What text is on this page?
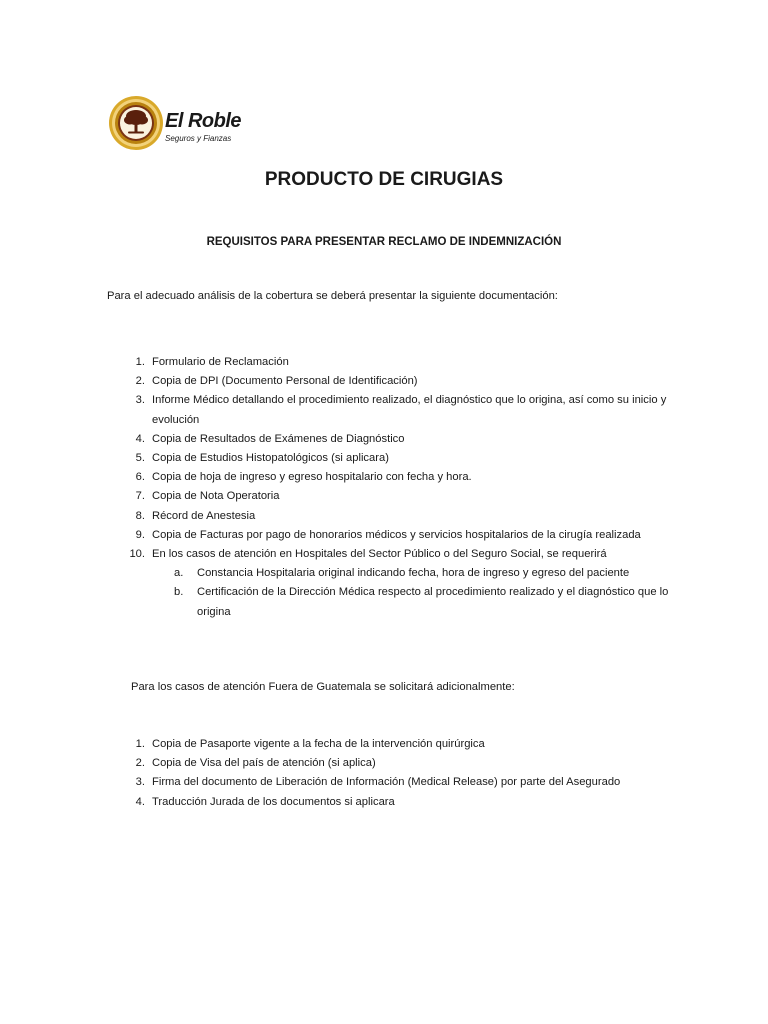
El Roble
Seguros y Fianzas
PRODUCTO DE CIRUGIAS
REQUISITOS PARA PRESENTAR RECLAMO DE INDEMNIZACIÓN
Para el adecuado análisis de la cobertura se deberá presentar la siguiente documentación:
1. Formulario de Reclamación
2. Copia de DPI (Documento Personal de Identificación)
3. Informe Médico detallando el procedimiento realizado, el diagnóstico que lo origina, así como su inicio y evolución
4. Copia de Resultados de Exámenes de Diagnóstico
5. Copia de Estudios Histopatológicos (si aplicara)
6. Copia de hoja de ingreso y egreso hospitalario con fecha y hora.
7. Copia de Nota Operatoria
8. Récord de Anestesia
9. Copia de Facturas por pago de honorarios médicos y servicios hospitalarios de la cirugía realizada
10. En los casos de atención en Hospitales del Sector Público o del Seguro Social, se requerirá
a. Constancia Hospitalaria original indicando fecha, hora de ingreso y egreso del paciente
b. Certificación de la Dirección Médica respecto al procedimiento realizado y el diagnóstico que lo origina
Para los casos de atención Fuera de Guatemala se solicitará adicionalmente:
1. Copia de Pasaporte vigente a la fecha de la intervención quirúrgica
2. Copia de Visa del país de atención (si aplica)
3. Firma del documento de Liberación de Información (Medical Release) por parte del Asegurado
4. Traducción Jurada de los documentos si aplicara
